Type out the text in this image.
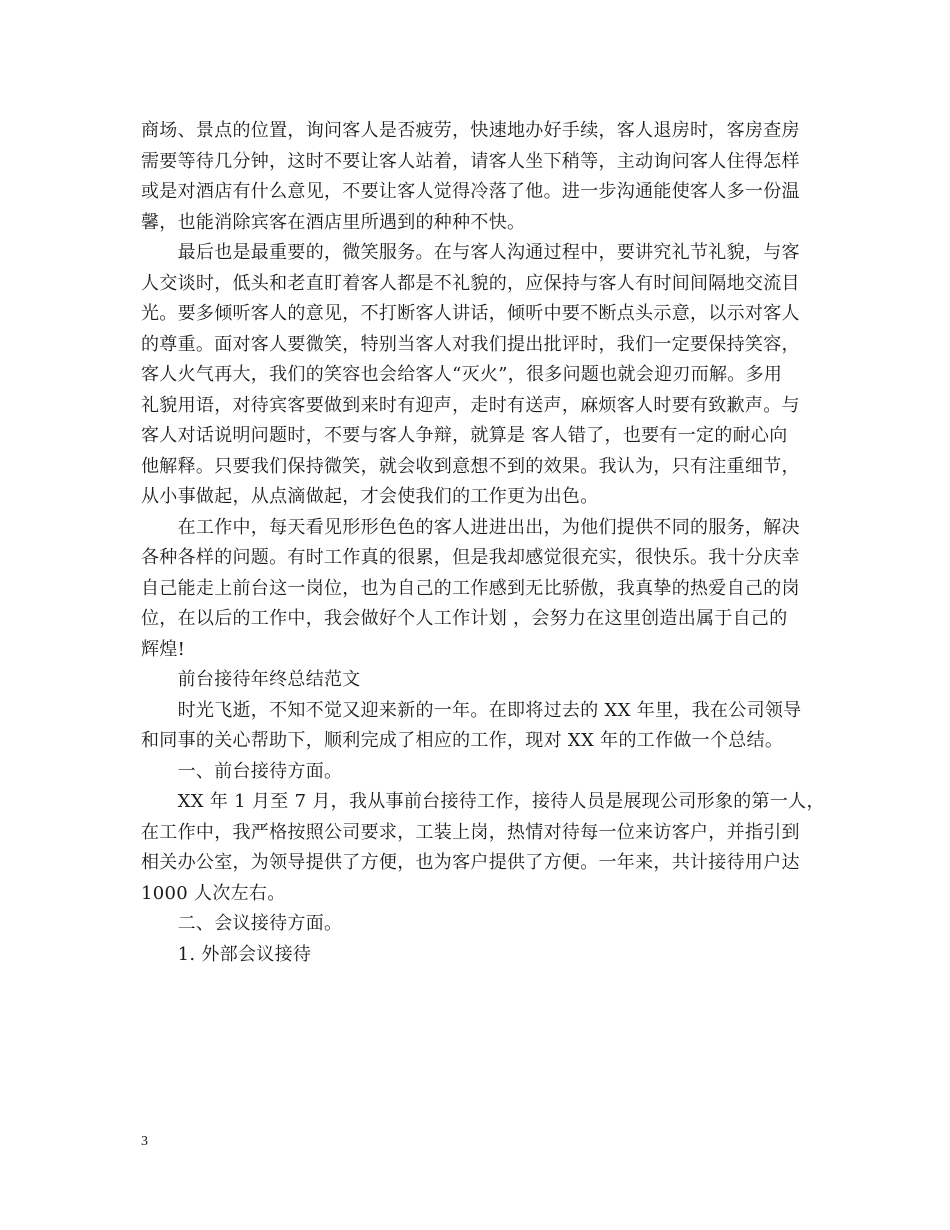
商场、景点的位置，询问客人是否疲劳，快速地办好手续，客人退房时，客房查房
需要等待几分钟，这时不要让客人站着，请客人坐下稍等，主动询问客人住得怎样
或是对酒店有什么意见，不要让客人觉得冷落了他。进一步沟通能使客人多一份温
馨，也能消除宾客在酒店里所遇到的种种不快。
　　最后也是最重要的，微笑服务。在与客人沟通过程中，要讲究礼节礼貌，与客
人交谈时，低头和老直盯着客人都是不礼貌的，应保持与客人有时间间隔地交流目
光。要多倾听客人的意见，不打断客人讲话，倾听中要不断点头示意，以示对客人
的尊重。面对客人要微笑，特别当客人对我们提出批评时，我们一定要保持笑容，
客人火气再大，我们的笑容也会给客人“灭火”，很多问题也就会迎刃而解。多用
礼貌用语，对待宾客要做到来时有迎声，走时有送声，麻烦客人时要有致歉声。与
客人对话说明问题时，不要与客人争辩，就算是 客人错了，也要有一定的耐心向
他解释。只要我们保持微笑，就会收到意想不到的效果。我认为，只有注重细节，
从小事做起，从点滴做起，才会使我们的工作更为出色。
　　在工作中，每天看见形形色色的客人进进出出，为他们提供不同的服务，解决
各种各样的问题。有时工作真的很累，但是我却感觉很充实，很快乐。我十分庆幸
自己能走上前台这一岗位，也为自己的工作感到无比骄傲，我真挚的热爱自己的岗
位，在以后的工作中，我会做好个人工作计划 ，会努力在这里创造出属于自己的
辉煌!
　　前台接待年终总结范文
　　时光飞逝，不知不觉又迎来新的一年。在即将过去的 XX 年里，我在公司领导
和同事的关心帮助下，顺利完成了相应的工作，现对 XX 年的工作做一个总结。
　　一、前台接待方面。
　　XX 年 1 月至 7 月，我从事前台接待工作，接待人员是展现公司形象的第一人，
在工作中，我严格按照公司要求，工装上岗，热情对待每一位来访客户，并指引到
相关办公室，为领导提供了方便，也为客户提供了方便。一年来，共计接待用户达
1000 人次左右。
　　二、会议接待方面。
　　1. 外部会议接待
3
